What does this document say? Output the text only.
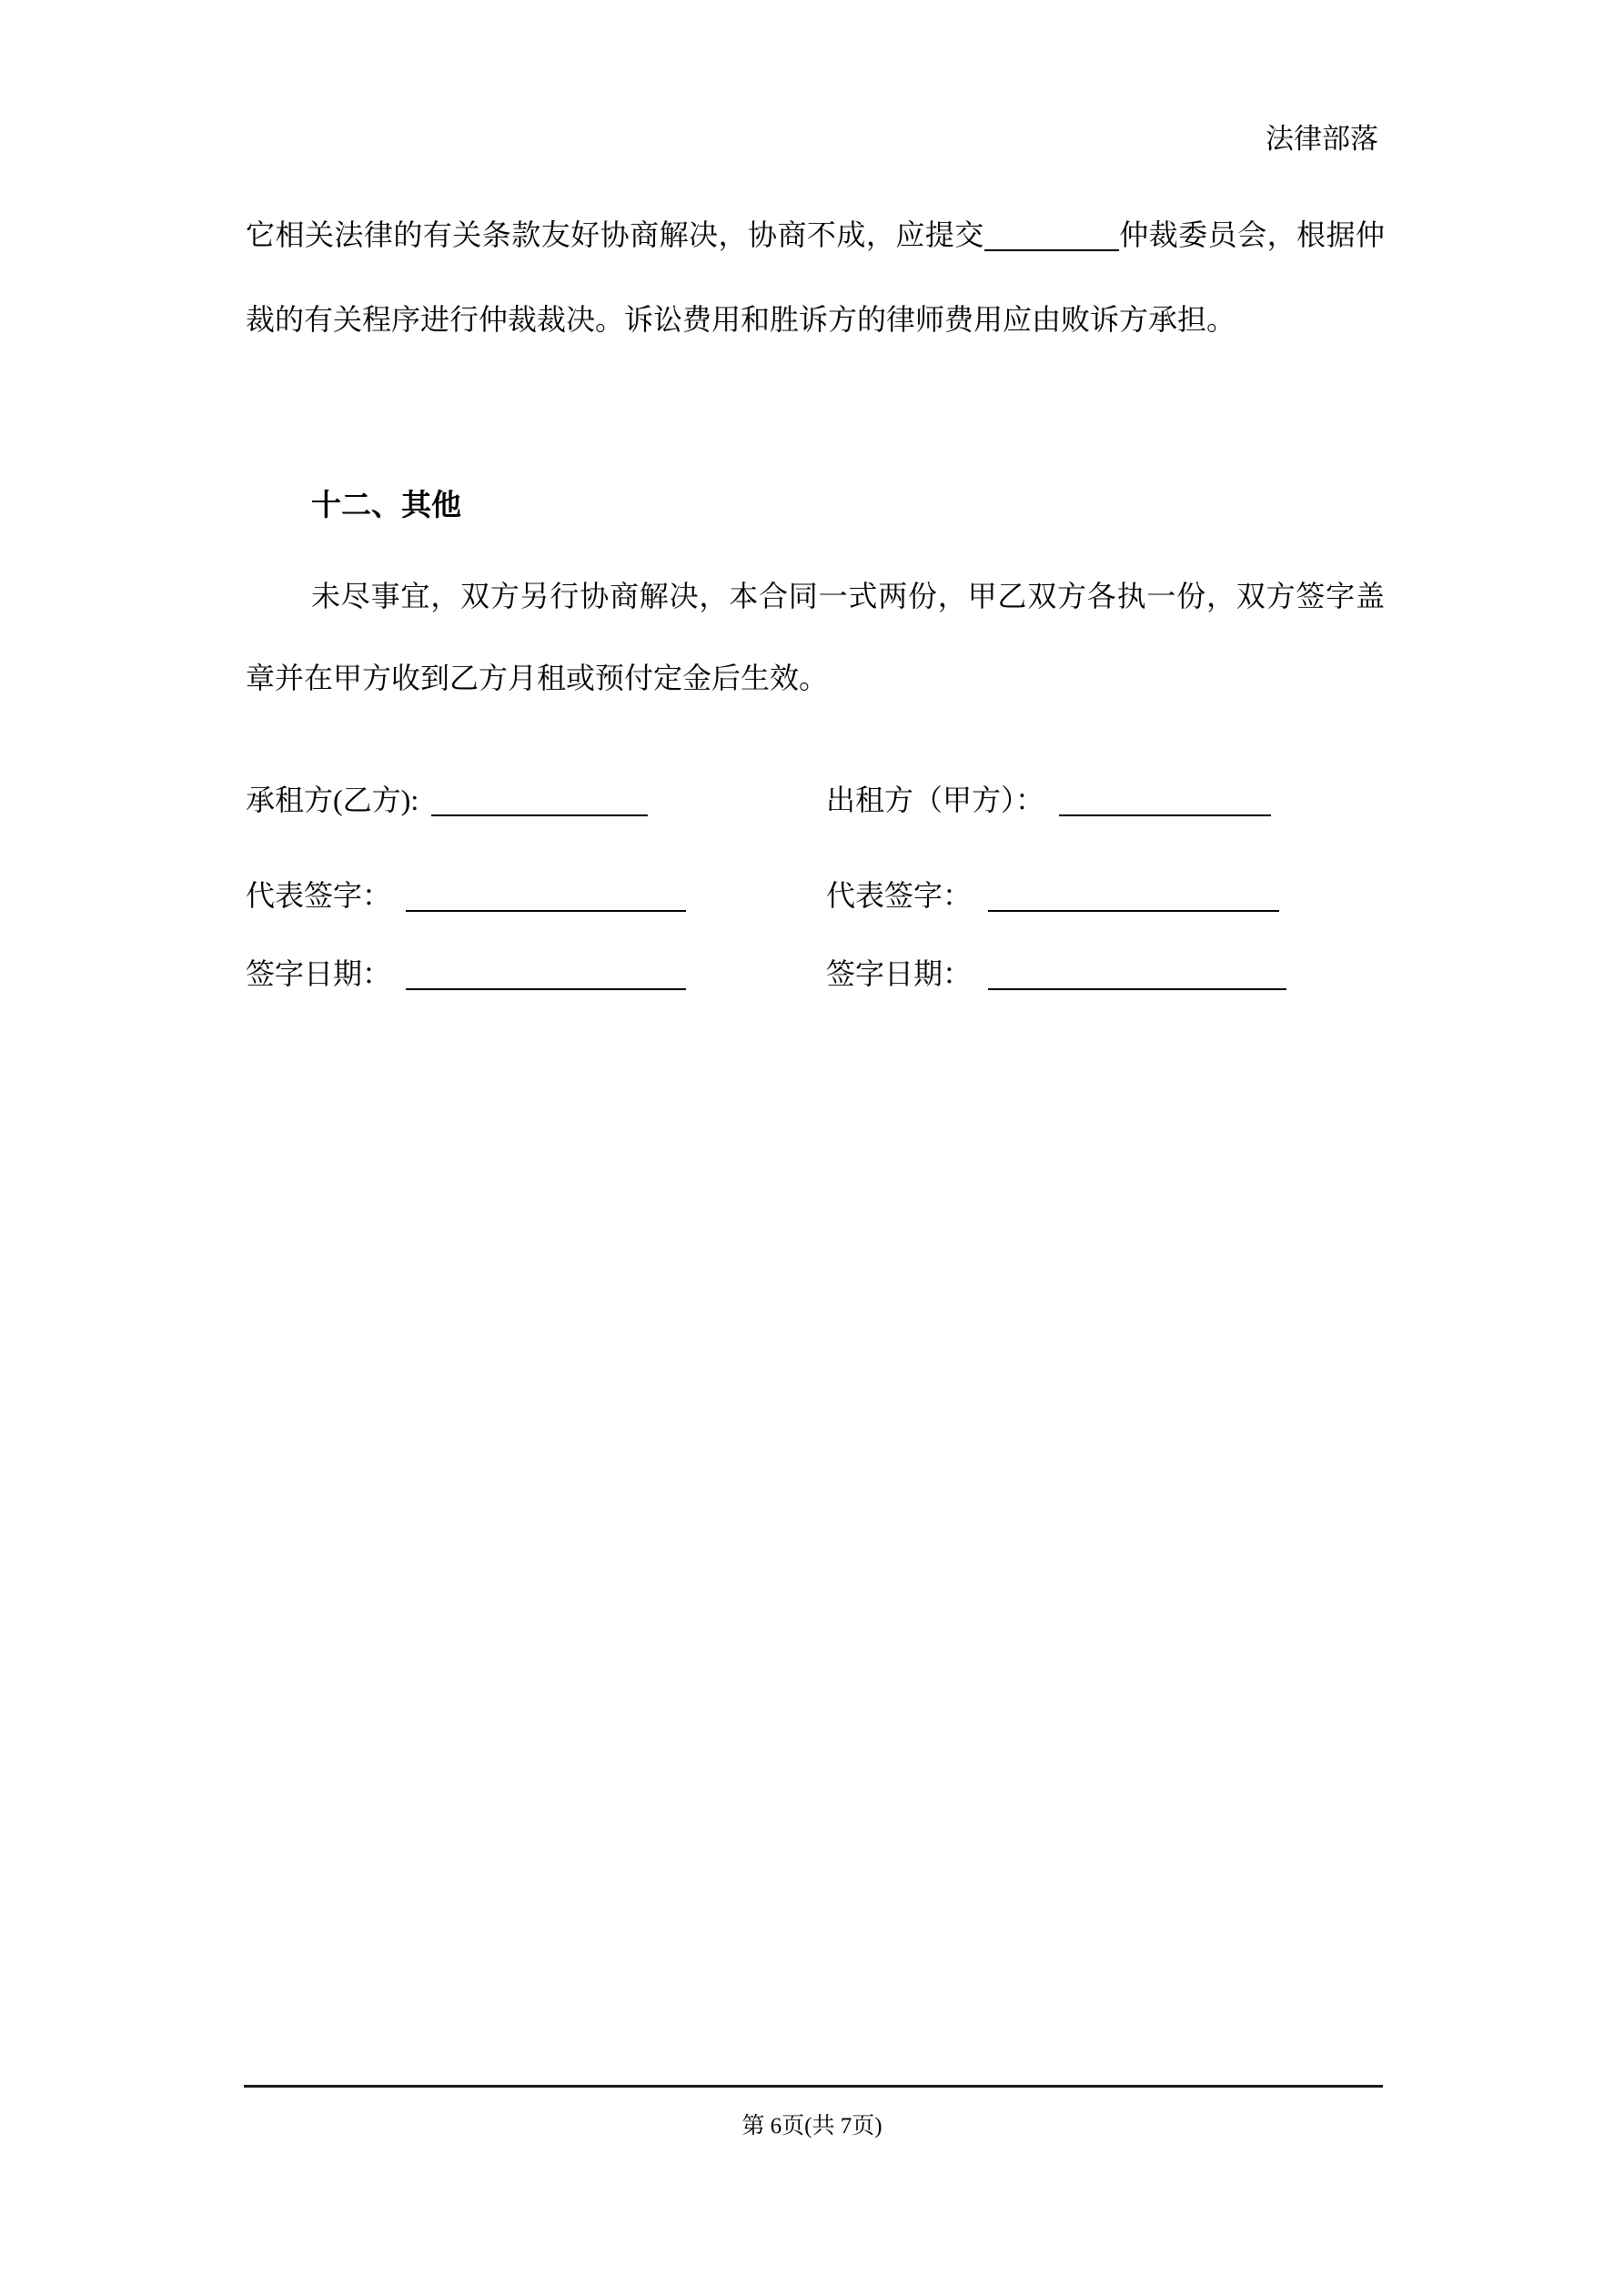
法律部落

它相关法律的有关条款友好协商解决，协商不成，应提交	仲裁委员会，根据仲裁的有关程序进行仲裁裁决。诉讼费用和胜诉方的律师费用应由败诉方承担。

十二、其他

未尽事宜，双方另行协商解决，本合同一式两份，甲乙双方各执一份，双方签字盖章并在甲方收到乙方月租或预付定金后生效。

承租方(乙方):	出租方（甲方）：
代表签字：	代表签字：
签字日期：	签字日期：
第 6页(共 7页)
